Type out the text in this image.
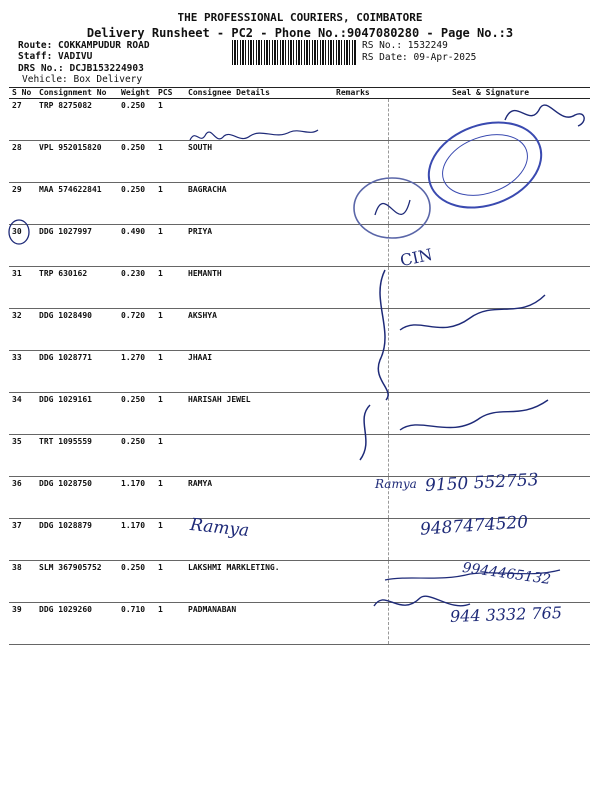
THE PROFESSIONAL COURIERS, COIMBATORE
Delivery Runsheet - PC2 - Phone No.:9047080280 - Page No.:3
Route: COKKAMPUDUR ROAD
Staff: VADIVU
DRS No.: DCJB153224903
Vehicle: Box Delivery
RS No.: 1532249
RS Date: 09-Apr-2025
S No	Consignment No	Weight	PCS	Consignee Details	Remarks	Seal & Signature
27	TRP 8275082	0.250	1			
28	VPL 952015820	0.250	1	SOUTH		
29	MAA 574622841	0.250	1	BAGRACHA		
30	DDG 1027997	0.490	1	PRIYA		
31	TRP 630162	0.230	1	HEMANTH		
32	DDG 1028490	0.720	1	AKSHYA		
33	DDG 1028771	1.270	1	JHAAI		
34	DDG 1029161	0.250	1	HARISAH JEWEL		
35	TRT 1095559	0.250	1			
36	DDG 1028750	1.170	1	RAMYA		
37	DDG 1028879	1.170	1			
38	SLM 367905752	0.250	1	LAKSHMI MARKLETING.		
39	DDG 1029260	0.710	1	PADMANABAN		
CIN
Ramya 9150 552753
9487474520
Ramya
9944465132
944 3332 765
